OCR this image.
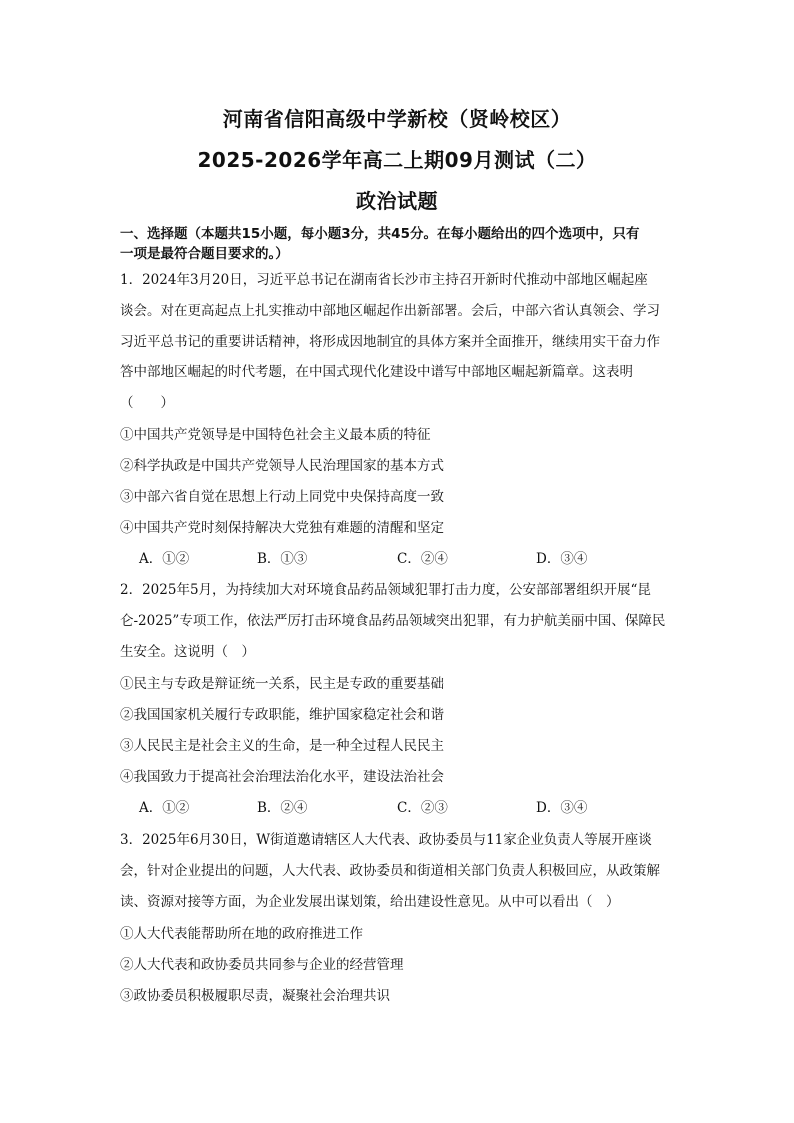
河南省信阳高级中学新校（贤岭校区）
2025-2026学年高二上期09月测试（二）
政治试题
一、选择题（本题共15小题，每小题3分，共45分。在每小题给出的四个选项中，只有
一项是最符合题目要求的。）
1．2024年3月20日，习近平总书记在湖南省长沙市主持召开新时代推动中部地区崛起座
谈会。对在更高起点上扎实推动中部地区崛起作出新部署。会后，中部六省认真领会、学习
习近平总书记的重要讲话精神，将形成因地制宜的具体方案并全面推开，继续用实干奋力作
答中部地区崛起的时代考题，在中国式现代化建设中谱写中部地区崛起新篇章。这表明
（　　）
①中国共产党领导是中国特色社会主义最本质的特征
②科学执政是中国共产党领导人民治理国家的基本方式
③中部六省自觉在思想上行动上同党中央保持高度一致
④中国共产党时刻保持解决大党独有难题的清醒和坚定
A．①②	B．①③	C．②④	D．③④
2．2025年5月，为持续加大对环境食品药品领域犯罪打击力度，公安部部署组织开展“昆
仑-2025”专项工作，依法严厉打击环境食品药品领域突出犯罪，有力护航美丽中国、保障民
生安全。这说明（　）
①民主与专政是辩证统一关系，民主是专政的重要基础
②我国国家机关履行专政职能，维护国家稳定社会和谐
③人民民主是社会主义的生命，是一种全过程人民民主
④我国致力于提高社会治理法治化水平，建设法治社会
A．①②	B．②④	C．②③	D．③④
3．2025年6月30日，W街道邀请辖区人大代表、政协委员与11家企业负责人等展开座谈
会，针对企业提出的问题，人大代表、政协委员和街道相关部门负责人积极回应，从政策解
读、资源对接等方面，为企业发展出谋划策，给出建设性意见。从中可以看出（　）
①人大代表能帮助所在地的政府推进工作
②人大代表和政协委员共同参与企业的经营管理
③政协委员积极履职尽责，凝聚社会治理共识
